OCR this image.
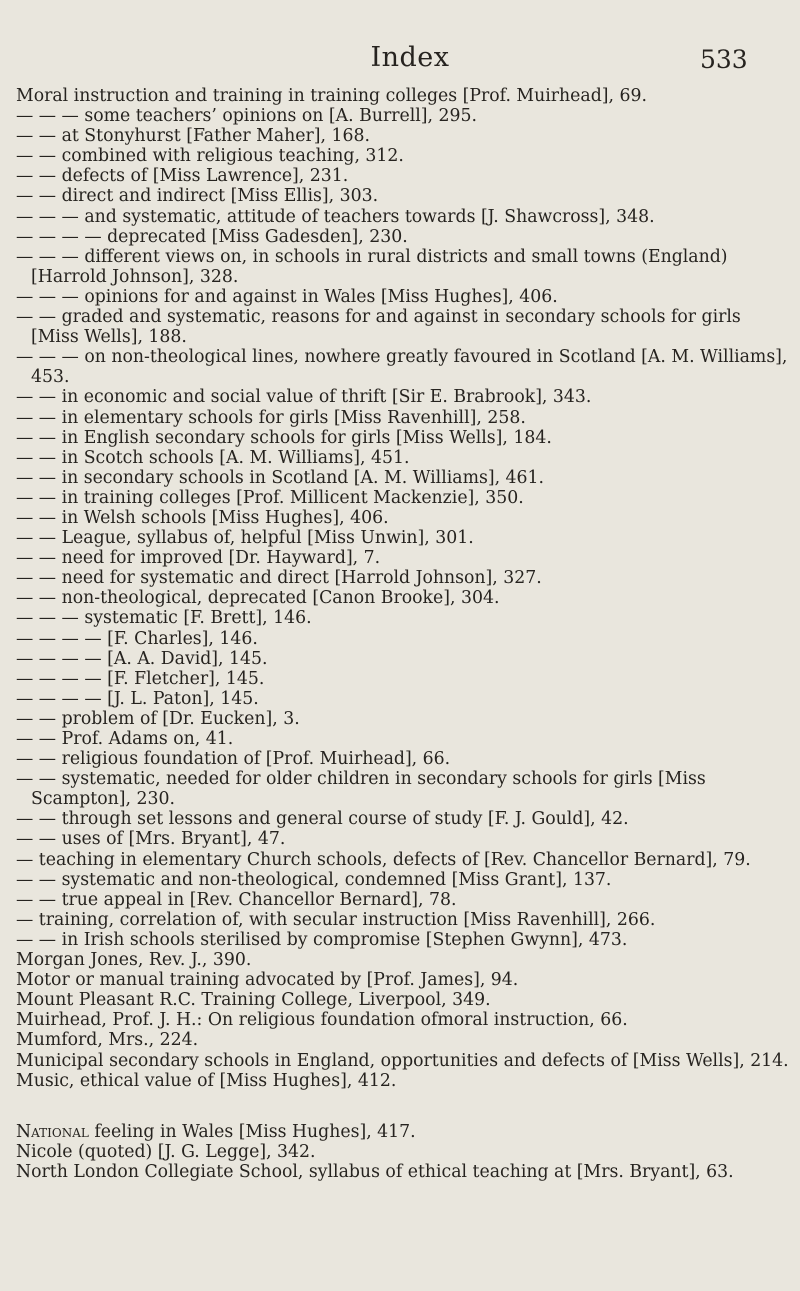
Index	533
Moral instruction and training in training colleges [Prof. Muirhead], 69.
— — — some teachers’ opinions on [A. Burrell], 295.
— — at Stonyhurst [Father Maher], 168.
— — combined with religious teaching, 312.
— — defects of [Miss Lawrence], 231.
— — direct and indirect [Miss Ellis], 303.
— — — and systematic, attitude of teachers towards [J. Shawcross], 348.
— — — — deprecated [Miss Gadesden], 230.
— — — different views on, in schools in rural districts and small towns (England) [Harrold Johnson], 328.
— — — opinions for and against in Wales [Miss Hughes], 406.
— — graded and systematic, reasons for and against in secondary schools for girls [Miss Wells], 188.
— — — on non-theological lines, nowhere greatly favoured in Scotland [A. M. Williams], 453.
— — in economic and social value of thrift [Sir E. Brabrook], 343.
— — in elementary schools for girls [Miss Ravenhill], 258.
— — in English secondary schools for girls [Miss Wells], 184.
— — in Scotch schools [A. M. Williams], 451.
— — in secondary schools in Scotland [A. M. Williams], 461.
— — in training colleges [Prof. Millicent Mackenzie], 350.
— — in Welsh schools [Miss Hughes], 406.
— — League, syllabus of, helpful [Miss Unwin], 301.
— — need for improved [Dr. Hayward], 7.
— — need for systematic and direct [Harrold Johnson], 327.
— — non-theological, deprecated [Canon Brooke], 304.
— — — systematic [F. Brett], 146.
— — — — [F. Charles], 146.
— — — — [A. A. David], 145.
— — — — [F. Fletcher], 145.
— — — — [J. L. Paton], 145.
— — problem of [Dr. Eucken], 3.
— — Prof. Adams on, 41.
— — religious foundation of [Prof. Muirhead], 66.
— — systematic, needed for older children in secondary schools for girls [Miss Scampton], 230.
— — through set lessons and general course of study [F. J. Gould], 42.
— — uses of [Mrs. Bryant], 47.
— teaching in elementary Church schools, defects of [Rev. Chancellor Bernard], 79.
— — systematic and non-theological, condemned [Miss Grant], 137.
— — true appeal in [Rev. Chancellor Bernard], 78.
— training, correlation of, with secular instruction [Miss Ravenhill], 266.
— — in Irish schools sterilised by compromise [Stephen Gwynn], 473.
Morgan Jones, Rev. J., 390.
Motor or manual training advocated by [Prof. James], 94.
Mount Pleasant R.C. Training College, Liverpool, 349.
Muirhead, Prof. J. H.: On religious foundation ofmoral instruction, 66.
Mumford, Mrs., 224.
Municipal secondary schools in England, opportunities and defects of [Miss Wells], 214.
Music, ethical value of [Miss Hughes], 412.
National feeling in Wales [Miss Hughes], 417.
Nicole (quoted) [J. G. Legge], 342.
North London Collegiate School, syllabus of ethical teaching at [Mrs. Bryant], 63.
